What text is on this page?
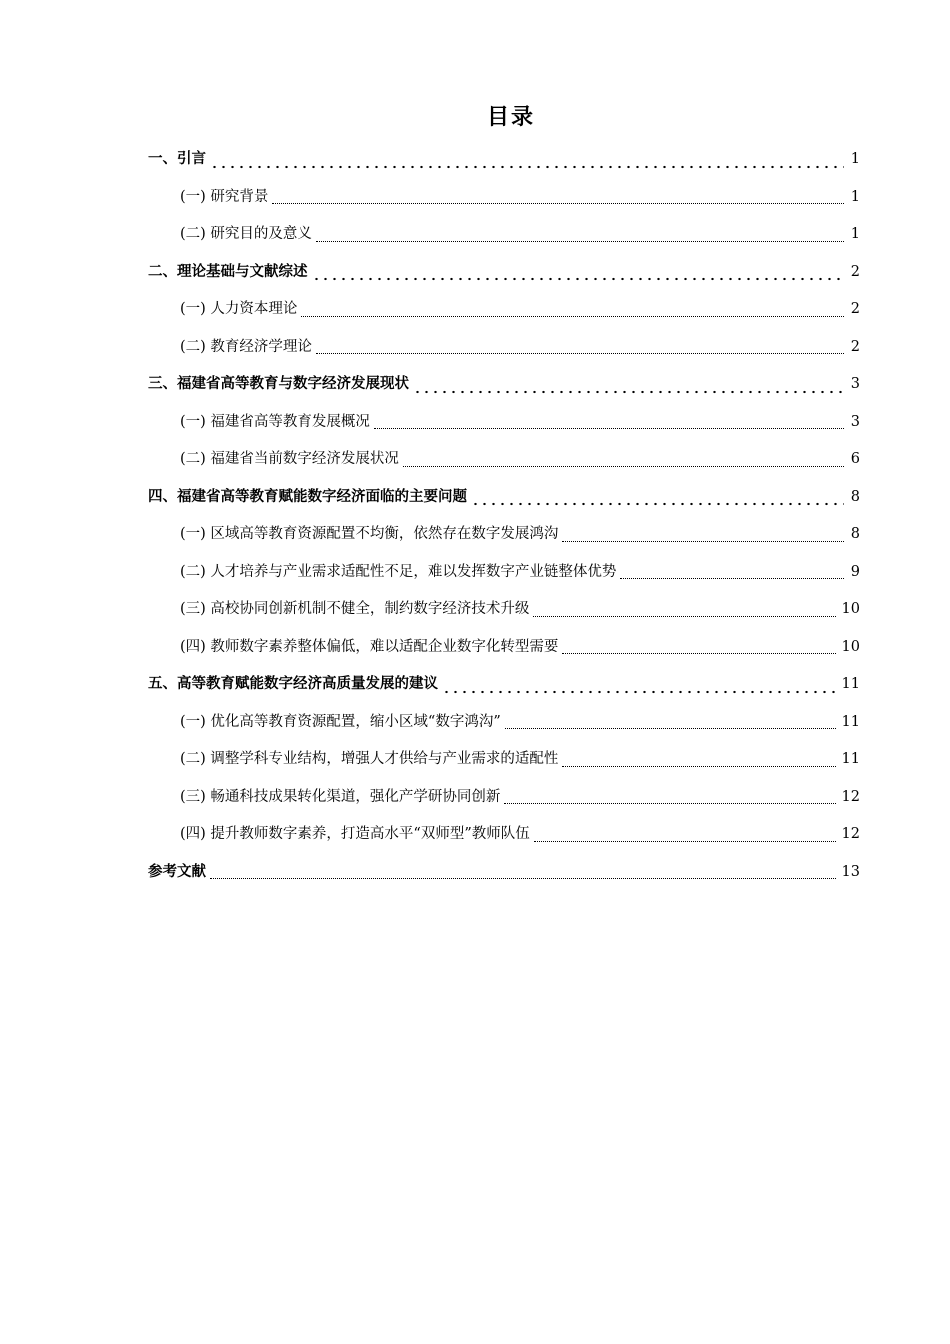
目录
一、引言	1
(一) 研究背景	1
(二) 研究目的及意义	1
二、理论基础与文献综述	2
(一) 人力资本理论	2
(二) 教育经济学理论	2
三、福建省高等教育与数字经济发展现状	3
(一) 福建省高等教育发展概况	3
(二) 福建省当前数字经济发展状况	6
四、福建省高等教育赋能数字经济面临的主要问题	8
(一) 区域高等教育资源配置不均衡，依然存在数字发展鸿沟	8
(二) 人才培养与产业需求适配性不足，难以发挥数字产业链整体优势	9
(三) 高校协同创新机制不健全，制约数字经济技术升级	10
(四) 教师数字素养整体偏低，难以适配企业数字化转型需要	10
五、高等教育赋能数字经济高质量发展的建议	11
(一) 优化高等教育资源配置，缩小区域“数字鸿沟”	11
(二) 调整学科专业结构，增强人才供给与产业需求的适配性	11
(三) 畅通科技成果转化渠道，强化产学研协同创新	12
(四) 提升教师数字素养，打造高水平“双师型”教师队伍	12
参考文献	13
